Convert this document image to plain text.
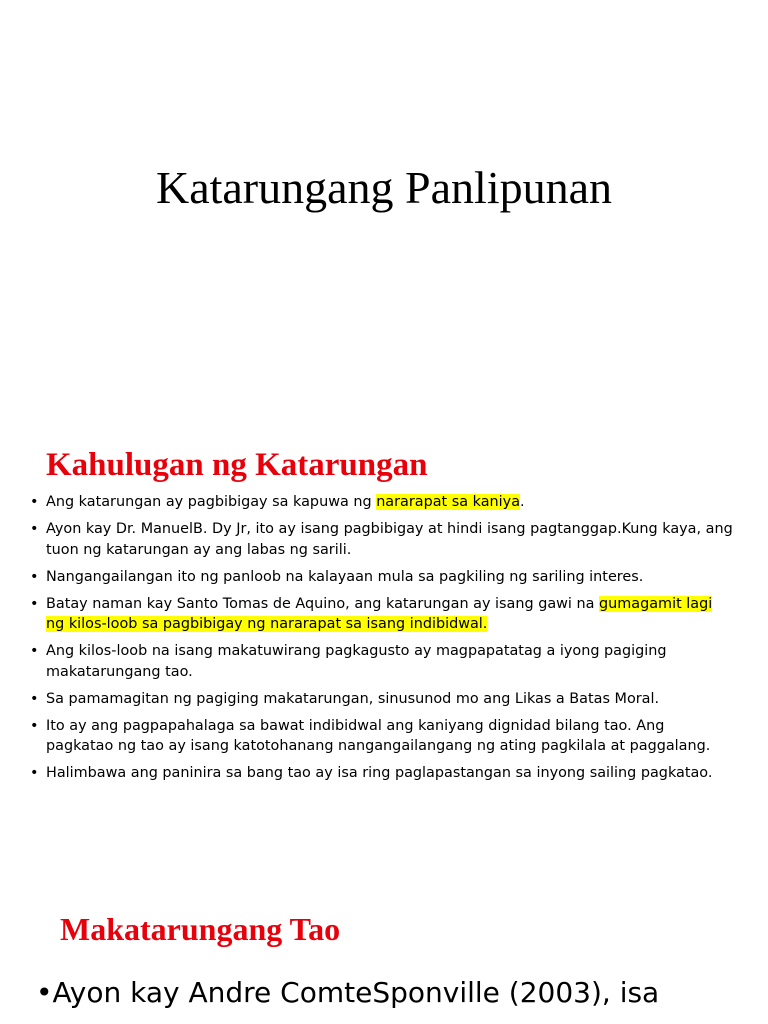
Katarungang Panlipunan
Kahulugan ng Katarungan
• Ang katarungan ay pagbibigay sa kapuwa ng nararapat sa kaniya.
• Ayon kay Dr. ManuelB. Dy Jr, ito ay isang pagbibigay at hindi isang pagtanggap.Kung kaya, ang tuon ng katarungan ay ang labas ng sarili.
• Nangangailangan ito ng panloob na kalayaan mula sa pagkiling ng sariling interes.
• Batay naman kay Santo Tomas de Aquino, ang katarungan ay isang gawi na gumagamit lagi ng kilos-loob sa pagbibigay ng nararapat sa isang indibidwal.
• Ang kilos-loob na isang makatuwirang pagkagusto ay magpapatatag a iyong pagiging makatarungang tao.
• Sa pamamagitan ng pagiging makatarungan, sinusunod mo ang Likas a Batas Moral.
• Ito ay ang pagpapahalaga sa bawat indibidwal ang kaniyang dignidad bilang tao. Ang pagkatao ng tao ay isang katotohanang nangangailangang ng ating pagkilala at paggalang.
• Halimbawa ang paninira sa bang tao ay isa ring paglapastangan sa inyong sailing pagkatao.
Makatarungang Tao

•Ayon kay Andre ComteSponville (2003), isa
